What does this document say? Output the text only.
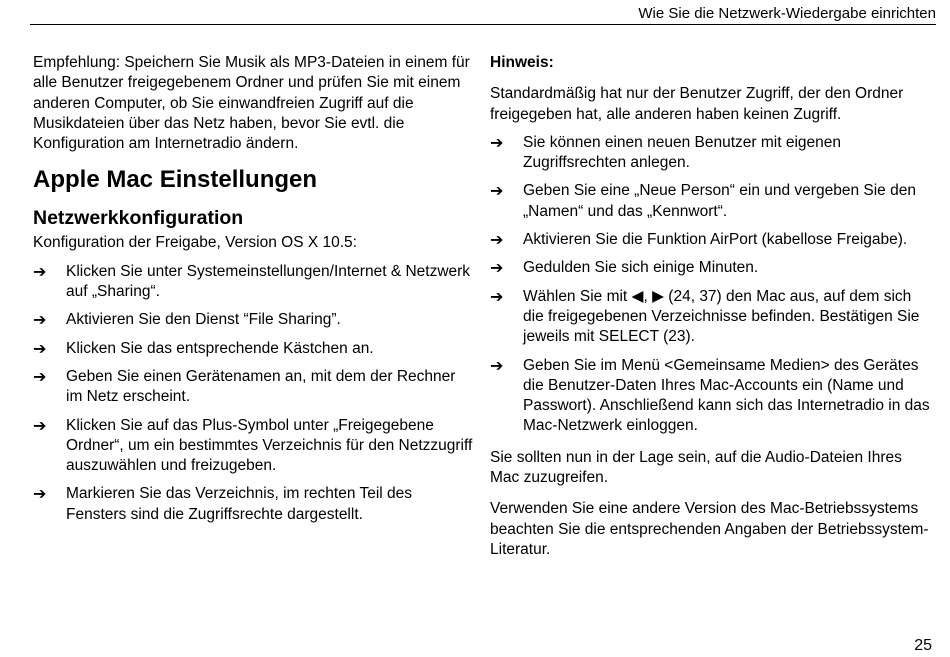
Wie Sie die Netzwerk-Wiedergabe einrichten

Empfehlung: Speichern Sie Musik als MP3-Dateien in einem für alle Benutzer freigegebenem Ordner und prüfen Sie mit einem anderen Computer, ob Sie einwandfreien Zugriff auf die Musikdateien über das Netz haben, bevor Sie evtl. die Konfiguration am Internetradio ändern.

Apple Mac Einstellungen
Netzwerkkonfiguration

Konfiguration der Freigabe, Version OS X 10.5:

➔ Klicken Sie unter Systemeinstellungen/Internet & Netzwerk auf „Sharing“.
➔ Aktivieren Sie den Dienst “File Sharing”.
➔ Klicken Sie das entsprechende Kästchen an.
➔ Geben Sie einen Gerätenamen an, mit dem der Rechner im Netz erscheint.
➔ Klicken Sie auf das Plus-Symbol unter „Freigegebene Ordner“, um ein bestimmtes Verzeichnis für den Netzzugriff auszuwählen und freizugeben.
➔ Markieren Sie das Verzeichnis, im rechten Teil des Fensters sind die Zugriffsrechte dargestellt.

Hinweis:

Standardmäßig hat nur der Benutzer Zugriff, der den Ordner freigegeben hat, alle anderen haben keinen Zugriff.

➔ Sie können einen neuen Benutzer mit eigenen Zugriffsrechten anlegen.
➔ Geben Sie eine „Neue Person“ ein und vergeben Sie den „Namen“ und das „Kennwort“.
➔ Aktivieren Sie die Funktion AirPort (kabellose Freigabe).
➔ Gedulden Sie sich einige Minuten.
➔ Wählen Sie mit ◀, ▶ (24, 37) den Mac aus, auf dem sich die freigegebenen Verzeichnisse befinden. Bestätigen Sie jeweils mit SELECT (23).
➔ Geben Sie im Menü <Gemeinsame Medien> des Gerätes die Benutzer-Daten Ihres Mac-Accounts ein (Name und Passwort). Anschließend kann sich das Internetradio in das Mac-Netzwerk einloggen.

Sie sollten nun in der Lage sein, auf die Audio-Dateien Ihres Mac zuzugreifen.

Verwenden Sie eine andere Version des Mac-Betriebssystems beachten Sie die entsprechenden Angaben der Betriebssystem-Literatur.

25
